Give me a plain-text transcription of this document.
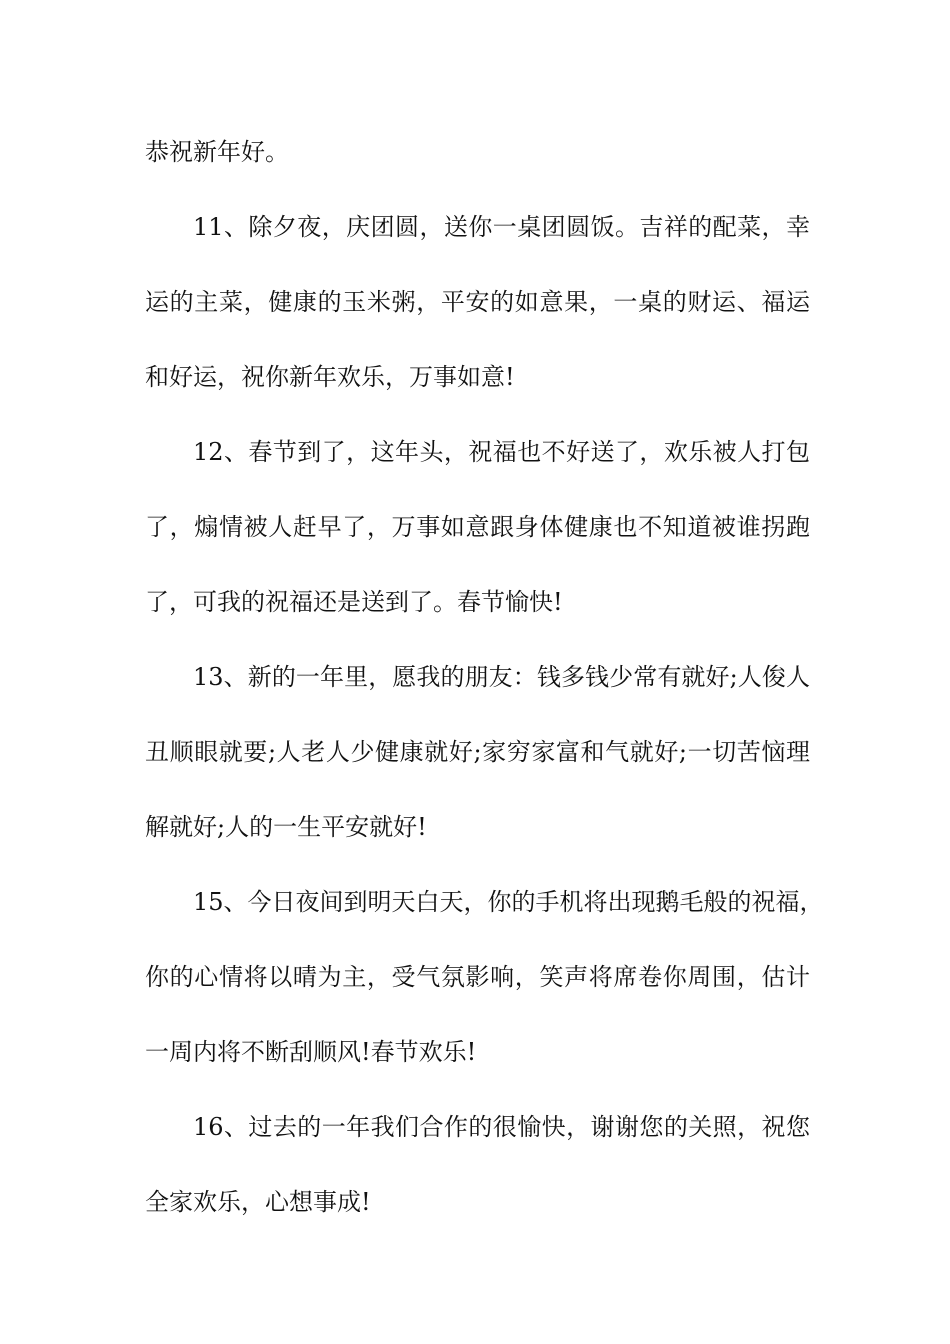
恭祝新年好。
11、除夕夜，庆团圆，送你一桌团圆饭。吉祥的配菜，幸
运的主菜，健康的玉米粥，平安的如意果，一桌的财运、福运
和好运，祝你新年欢乐，万事如意!
12、春节到了，这年头，祝福也不好送了，欢乐被人打包
了，煽情被人赶早了，万事如意跟身体健康也不知道被谁拐跑
了，可我的祝福还是送到了。春节愉快!
13、新的一年里，愿我的朋友：钱多钱少常有就好;人俊人
丑顺眼就要;人老人少健康就好;家穷家富和气就好;一切苦恼理
解就好;人的一生平安就好!
15、今日夜间到明天白天，你的手机将出现鹅毛般的祝福，
你的心情将以晴为主，受气氛影响，笑声将席卷你周围，估计
一周内将不断刮顺风!春节欢乐!
16、过去的一年我们合作的很愉快，谢谢您的关照，祝您
全家欢乐，心想事成!
